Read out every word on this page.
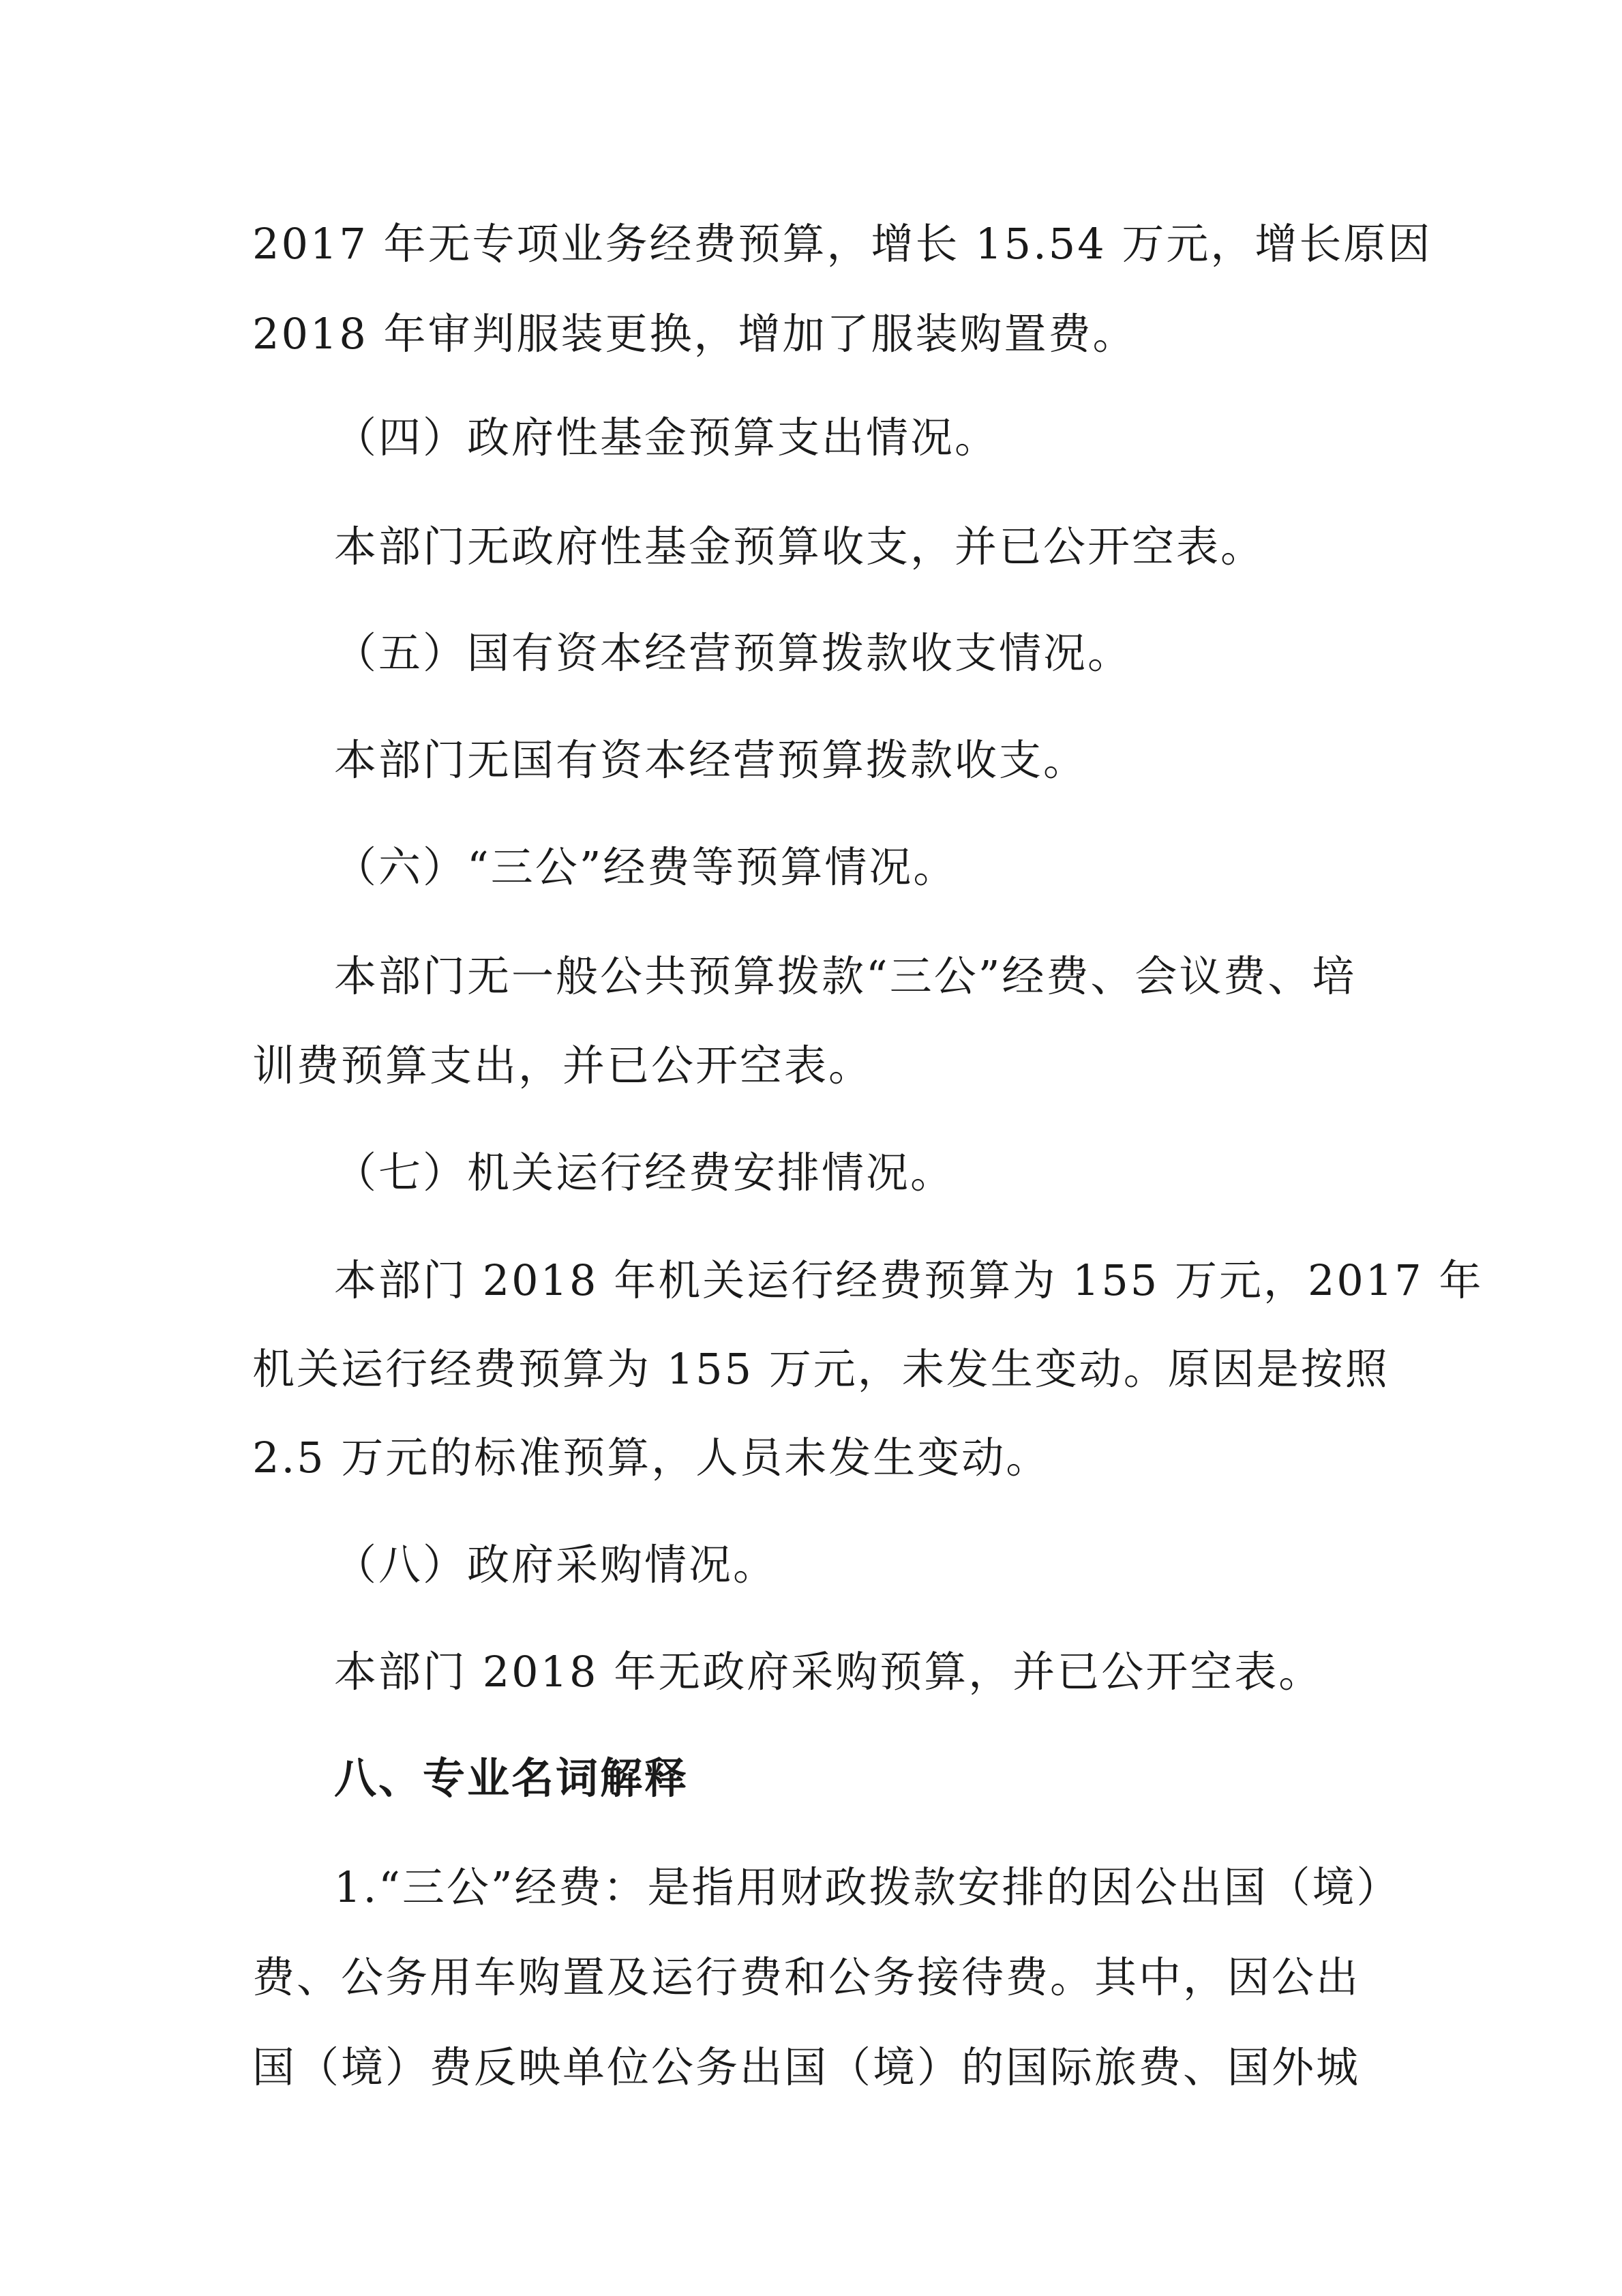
2017 年无专项业务经费预算，增长 15.54 万元，增长原因
2018 年审判服装更换，增加了服装购置费。
（四）政府性基金预算支出情况。
本部门无政府性基金预算收支，并已公开空表。
（五）国有资本经营预算拨款收支情况。
本部门无国有资本经营预算拨款收支。
（六）“三公”经费等预算情况。
本部门无一般公共预算拨款“三公”经费、会议费、培
训费预算支出，并已公开空表。
（七）机关运行经费安排情况。
本部门 2018 年机关运行经费预算为 155 万元，2017 年
机关运行经费预算为 155 万元，未发生变动。原因是按照
2.5 万元的标准预算，人员未发生变动。
（八）政府采购情况。
本部门 2018 年无政府采购预算，并已公开空表。
八、专业名词解释
1.“三公”经费：是指用财政拨款安排的因公出国（境）
费、公务用车购置及运行费和公务接待费。其中，因公出
国（境）费反映单位公务出国（境）的国际旅费、国外城
